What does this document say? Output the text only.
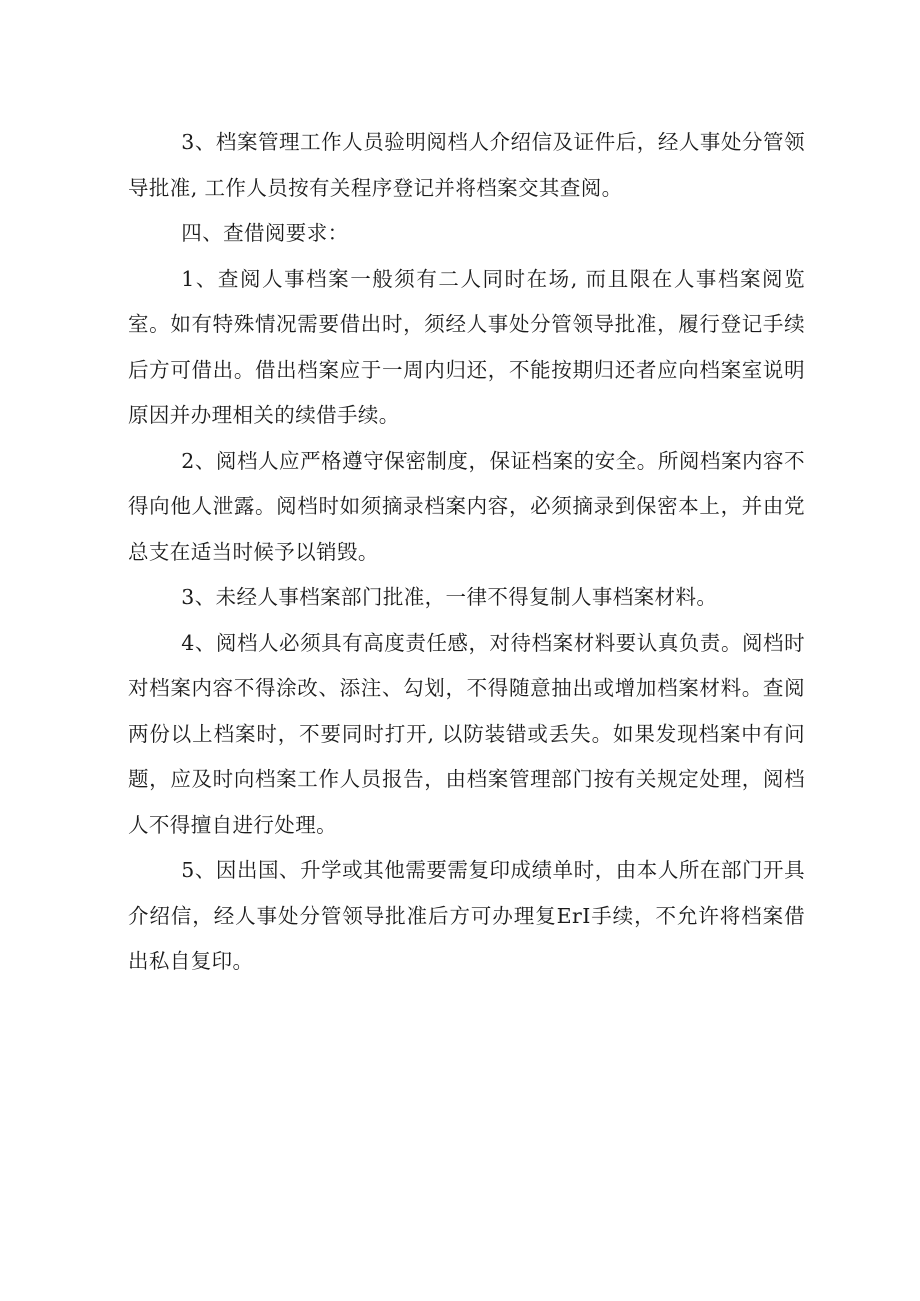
3、档案管理工作人员验明阅档人介绍信及证件后，经人事处分管领导批准, 工作人员按有关程序登记并将档案交其查阅。

四、查借阅要求：

1、查阅人事档案一般须有二人同时在场, 而且限在人事档案阅览室。如有特殊情况需要借出时，须经人事处分管领导批准，履行登记手续后方可借出。借出档案应于一周内归还，不能按期归还者应向档案室说明原因并办理相关的续借手续。

2、阅档人应严格遵守保密制度，保证档案的安全。所阅档案内容不得向他人泄露。阅档时如须摘录档案内容，必须摘录到保密本上，并由党总支在适当时候予以销毁。

3、未经人事档案部门批准，一律不得复制人事档案材料。

4、阅档人必须具有高度责任感，对待档案材料要认真负责。阅档时对档案内容不得涂改、添注、勾划，不得随意抽出或增加档案材料。查阅两份以上档案时，不要同时打开, 以防装错或丢失。如果发现档案中有问题，应及时向档案工作人员报告，由档案管理部门按有关规定处理，阅档人不得擅自进行处理。

5、因出国、升学或其他需要需复印成绩单时，由本人所在部门开具介绍信，经人事处分管领导批准后方可办理复ErI手续，不允许将档案借出私自复印。
